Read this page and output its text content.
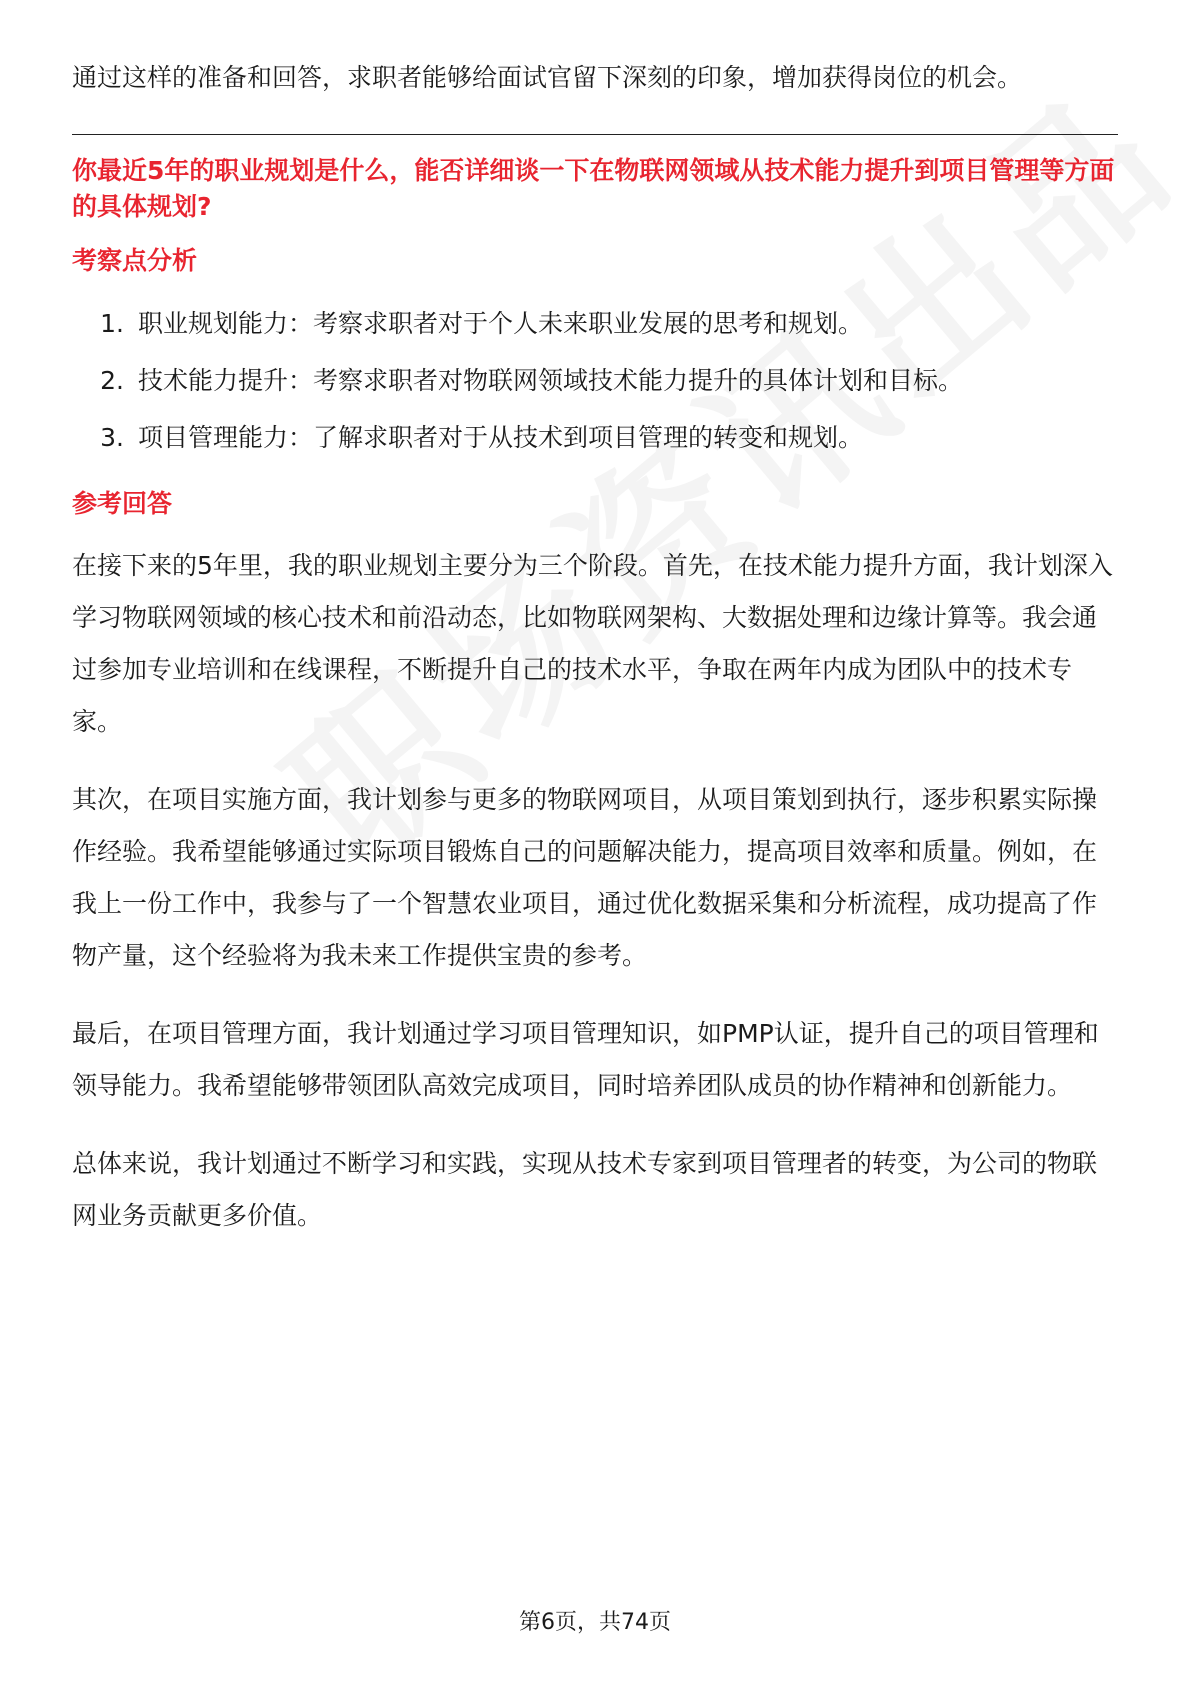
通过这样的准备和回答，求职者能够给面试官留下深刻的印象，增加获得岗位的机会。

你最近5年的职业规划是什么，能否详细谈一下在物联网领域从技术能力提升到项目管理等方面的具体规划?

考察点分析

1. 职业规划能力：考察求职者对于个人未来职业发展的思考和规划。
2. 技术能力提升：考察求职者对物联网领域技术能力提升的具体计划和目标。
3. 项目管理能力：了解求职者对于从技术到项目管理的转变和规划。

参考回答

在接下来的5年里，我的职业规划主要分为三个阶段。首先，在技术能力提升方面，我计划深入学习物联网领域的核心技术和前沿动态，比如物联网架构、大数据处理和边缘计算等。我会通过参加专业培训和在线课程，不断提升自己的技术水平，争取在两年内成为团队中的技术专家。

其次，在项目实施方面，我计划参与更多的物联网项目，从项目策划到执行，逐步积累实际操作经验。我希望能够通过实际项目锻炼自己的问题解决能力，提高项目效率和质量。例如，在我上一份工作中，我参与了一个智慧农业项目，通过优化数据采集和分析流程，成功提高了作物产量，这个经验将为我未来工作提供宝贵的参考。

最后，在项目管理方面，我计划通过学习项目管理知识，如PMP认证，提升自己的项目管理和领导能力。我希望能够带领团队高效完成项目，同时培养团队成员的协作精神和创新能力。

总体来说，我计划通过不断学习和实践，实现从技术专家到项目管理者的转变，为公司的物联网业务贡献更多价值。

第6页，共74页
